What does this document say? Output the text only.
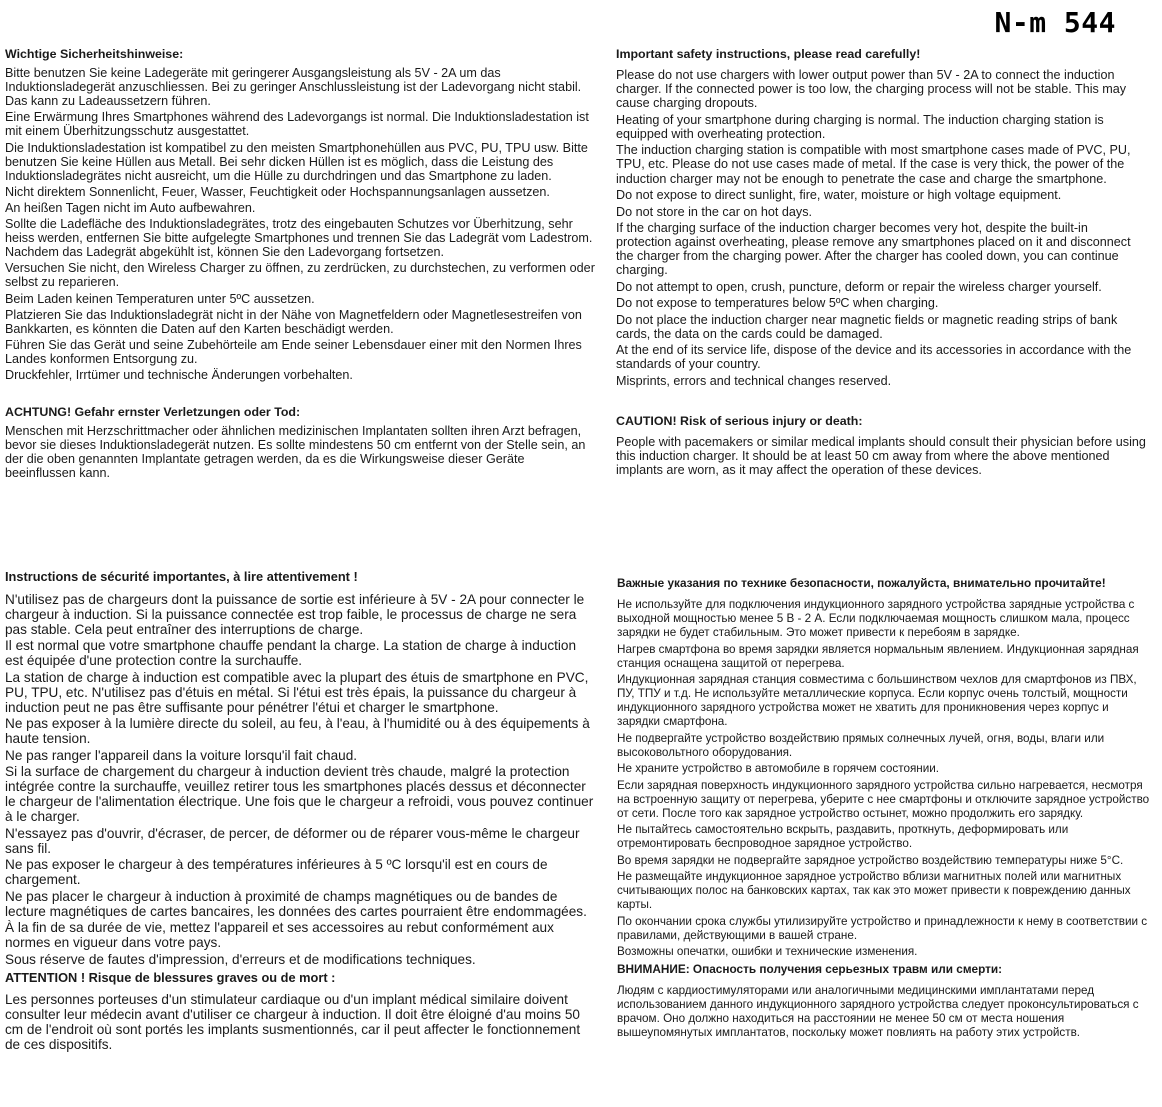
N-m 544

Wichtige Sicherheitshinweise:

Bitte benutzen Sie keine Ladegeräte mit geringerer Ausgangsleistung als 5V - 2A um das Induktionsladegerät anzuschliessen. Bei zu geringer Anschlussleistung ist der Ladevorgang nicht stabil. Das kann zu Ladeaussetzern führen.

Eine Erwärmung Ihres Smartphones während des Ladevorgangs ist normal. Die Induktionsladestation ist mit einem Überhitzungsschutz ausgestattet.

Die Induktionsladestation ist kompatibel zu den meisten Smartphonehüllen aus PVC, PU, TPU usw. Bitte benutzen Sie keine Hüllen aus Metall. Bei sehr dicken Hüllen ist es möglich, dass die Leistung des Induktionsladegrätes nicht ausreicht, um die Hülle zu durchdringen und das Smartphone zu laden.

Nicht direktem Sonnenlicht, Feuer, Wasser, Feuchtigkeit oder Hochspannungsanlagen aussetzen.

An heißen Tagen nicht im Auto aufbewahren.

Sollte die Ladefläche des Induktionsladegrätes, trotz des eingebauten Schutzes vor Überhitzung, sehr heiss werden, entfernen Sie bitte aufgelegte Smartphones und trennen Sie das Ladegrät vom Ladestrom. Nachdem das Ladegrät abgekühlt ist, können Sie den Ladevorgang fortsetzen.

Versuchen Sie nicht, den Wireless Charger zu öffnen, zu zerdrücken, zu durchstechen, zu verformen oder selbst zu reparieren.

Beim Laden keinen Temperaturen unter 5ºC aussetzen.

Platzieren Sie das Induktionsladegrät nicht in der Nähe von Magnetfeldern oder Magnetlesestreifen von Bankkarten, es könnten die Daten auf den Karten beschädigt werden.

Führen Sie das Gerät und seine Zubehörteile am Ende seiner Lebensdauer einer mit den Normen Ihres Landes konformen Entsorgung zu.

Druckfehler, Irrtümer und technische Änderungen vorbehalten.

ACHTUNG! Gefahr ernster Verletzungen oder Tod:

Menschen mit Herzschrittmacher oder ähnlichen medizinischen Implantaten sollten ihren Arzt befragen, bevor sie dieses Induktionsladegerät nutzen. Es sollte mindestens 50 cm entfernt von der Stelle sein, an der die oben genannten Implantate getragen werden, da es die Wirkungsweise dieser Geräte beeinflussen kann.

Important safety instructions, please read carefully!

Please do not use chargers with lower output power than 5V - 2A to connect the induction charger. If the connected power is too low, the charging process will not be stable. This may cause charging dropouts.

Heating of your smartphone during charging is normal. The induction charging station is equipped with overheating protection.

The induction charging station is compatible with most smartphone cases made of PVC, PU, TPU, etc. Please do not use cases made of metal. If the case is very thick, the power of the induction charger may not be enough to penetrate the case and charge the smartphone.

Do not expose to direct sunlight, fire, water, moisture or high voltage equipment.

Do not store in the car on hot days.

If the charging surface of the induction charger becomes very hot, despite the built-in protection against overheating, please remove any smartphones placed on it and disconnect the charger from the charging power. After the charger has cooled down, you can continue charging.

Do not attempt to open, crush, puncture, deform or repair the wireless charger yourself.

Do not expose to temperatures below 5ºC when charging.

Do not place the induction charger near magnetic fields or magnetic reading strips of bank cards, the data on the cards could be damaged.

At the end of its service life, dispose of the device and its accessories in accordance with the standards of your country.

Misprints, errors and technical changes reserved.

CAUTION! Risk of serious injury or death:

People with pacemakers or similar medical implants should consult their physician before using this induction charger. It should be at least 50 cm away from where the above mentioned implants are worn, as it may affect the operation of these devices.

Instructions de sécurité importantes, à lire attentivement !

N'utilisez pas de chargeurs dont la puissance de sortie est inférieure à 5V - 2A pour connecter le chargeur à induction. Si la puissance connectée est trop faible, le processus de charge ne sera pas stable. Cela peut entraîner des interruptions de charge.

Il est normal que votre smartphone chauffe pendant la charge. La station de charge à induction est équipée d'une protection contre la surchauffe.

La station de charge à induction est compatible avec la plupart des étuis de smartphone en PVC, PU, TPU, etc. N'utilisez pas d'étuis en métal. Si l'étui est très épais, la puissance du chargeur à induction peut ne pas être suffisante pour pénétrer l'étui et charger le smartphone.

Ne pas exposer à la lumière directe du soleil, au feu, à l'eau, à l'humidité ou à des équipements à haute tension.

Ne pas ranger l'appareil dans la voiture lorsqu'il fait chaud.

Si la surface de chargement du chargeur à induction devient très chaude, malgré la protection intégrée contre la surchauffe, veuillez retirer tous les smartphones placés dessus et déconnecter le chargeur de l'alimentation électrique. Une fois que le chargeur a refroidi, vous pouvez continuer à le charger.

N'essayez pas d'ouvrir, d'écraser, de percer, de déformer ou de réparer vous-même le chargeur sans fil.

Ne pas exposer le chargeur à des températures inférieures à 5 ºC lorsqu'il est en cours de chargement.

Ne pas placer le chargeur à induction à proximité de champs magnétiques ou de bandes de lecture magnétiques de cartes bancaires, les données des cartes pourraient être endommagées.

À la fin de sa durée de vie, mettez l'appareil et ses accessoires au rebut conformément aux normes en vigueur dans votre pays.

Sous réserve de fautes d'impression, d'erreurs et de modifications techniques.

ATTENTION ! Risque de blessures graves ou de mort :

Les personnes porteuses d'un stimulateur cardiaque ou d'un implant médical similaire doivent consulter leur médecin avant d'utiliser ce chargeur à induction. Il doit être éloigné d'au moins 50 cm de l'endroit où sont portés les implants susmentionnés, car il peut affecter le fonctionnement de ces dispositifs.

Важные указания по технике безопасности, пожалуйста, внимательно прочитайте!

Не используйте для подключения индукционного зарядного устройства зарядные устройства с выходной мощностью менее 5 В - 2 А. Если подключаемая мощность слишком мала, процесс зарядки не будет стабильным. Это может привести к перебоям в зарядке.

Нагрев смартфона во время зарядки является нормальным явлением. Индукционная зарядная станция оснащена защитой от перегрева.

Индукционная зарядная станция совместима с большинством чехлов для смартфонов из ПВХ, ПУ, ТПУ и т.д. Не используйте металлические корпуса. Если корпус очень толстый, мощности индукционного зарядного устройства может не хватить для проникновения через корпус и зарядки смартфона.

Не подвергайте устройство воздействию прямых солнечных лучей, огня, воды, влаги или высоковольтного оборудования.

Не храните устройство в автомобиле в горячем состоянии.

Если зарядная поверхность индукционного зарядного устройства сильно нагревается, несмотря на встроенную защиту от перегрева, уберите с нее смартфоны и отключите зарядное устройство от сети. После того как зарядное устройство остынет, можно продолжить его зарядку.

Не пытайтесь самостоятельно вскрыть, раздавить, проткнуть, деформировать или отремонтировать беспроводное зарядное устройство.

Во время зарядки не подвергайте зарядное устройство воздействию температуры ниже 5°С.

Не размещайте индукционное зарядное устройство вблизи магнитных полей или магнитных считывающих полос на банковских картах, так как это может привести к повреждению данных карты.

По окончании срока службы утилизируйте устройство и принадлежности к нему в соответствии с правилами, действующими в вашей стране.

Возможны опечатки, ошибки и технические изменения.

ВНИМАНИЕ: Опасность получения серьезных травм или смерти:

Людям с кардиостимуляторами или аналогичными медицинскими имплантатами перед использованием данного индукционного зарядного устройства следует проконсультироваться с врачом. Оно должно находиться на расстоянии не менее 50 см от места ношения вышеупомянутых имплантатов, поскольку может повлиять на работу этих устройств.
